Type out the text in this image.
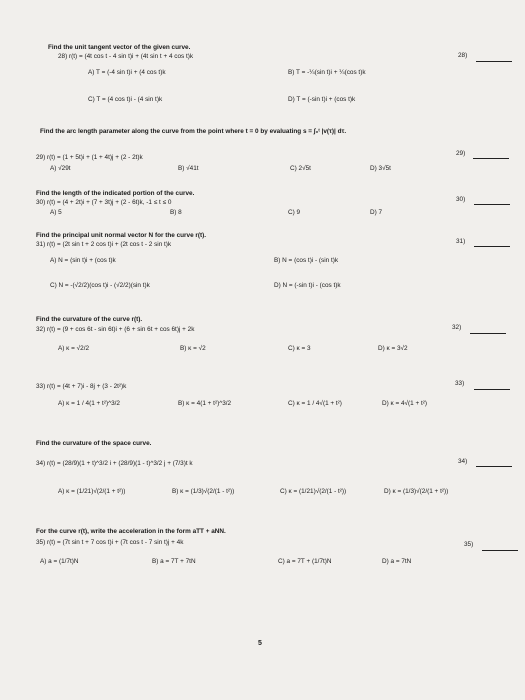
Find the unit tangent vector of the given curve.
28) r(t) = (4t cos t - 4 sin t)i + (4t sin t + 4 cos t)k	28)
A) T = (-4 sin t)i + (4 cos t)k	B) T = -¼(sin t)i + ¼(cos t)k
C) T = (4 cos t)i - (4 sin t)k	D) T = (-sin t)i + (cos t)k
Find the arc length parameter along the curve from the point where t = 0 by evaluating s = ∫₀ᵗ |v(τ)| dτ.
29) r(t) = (1 + 5t)i + (1 + 4t)j + (2 - 2t)k
29)
A) √29t	B) √41t	C) 2√5t	D) 3√5t
Find the length of the indicated portion of the curve.
30) r(t) = (4 + 2t)i + (7 + 3t)j + (2 - 6t)k, -1 ≤ t ≤ 0	30)
A) 5	B) 8	C) 9	D) 7
Find the principal unit normal vector N for the curve r(t).
31) r(t) = (2t sin t + 2 cos t)i + (2t cos t - 2 sin t)k	31)
A) N = (sin t)i + (cos t)k	B) N = (cos t)i - (sin t)k
C) N = -(√2/2)(cos t)i - (√2/2)(sin t)k	D) N = (-sin t)i - (cos t)k
Find the curvature of the curve r(t).
32) r(t) = (9 + cos 6t - sin 6t)i + (6 + sin 6t + cos 6t)j + 2k	32)
A) κ = √2/2	B) κ = √2	C) κ = 3	D) κ = 3√2
33) r(t) = (4t + 7)i - 8j + (3 - 2t²)k	33)
A) κ = 1 / 4(1 + t²)^3/2	B) κ = 4(1 + t²)^3/2	C) κ = 1 / 4√(1 + t²)	D) κ = 4√(1 + t²)
Find the curvature of the space curve.
34) r(t) = (28/9)(1 + t)^3/2 i + (28/9)(1 - t)^3/2 j + (7/3)t k	34)
A) κ = (1/21)√(2/(1 + t²))	B) κ = (1/3)√(2/(1 - t²))	C) κ = (1/21)√(2/(1 - t²))	D) κ = (1/3)√(2/(1 + t²))
For the curve r(t), write the acceleration in the form aTT + aNN.
35) r(t) = (7t sin t + 7 cos t)i + (7t cos t - 7 sin t)j + 4k	35)
A) a = (1/7t)N	B) a = 7T + 7tN	C) a = 7T + (1/7t)N	D) a = 7tN
5
